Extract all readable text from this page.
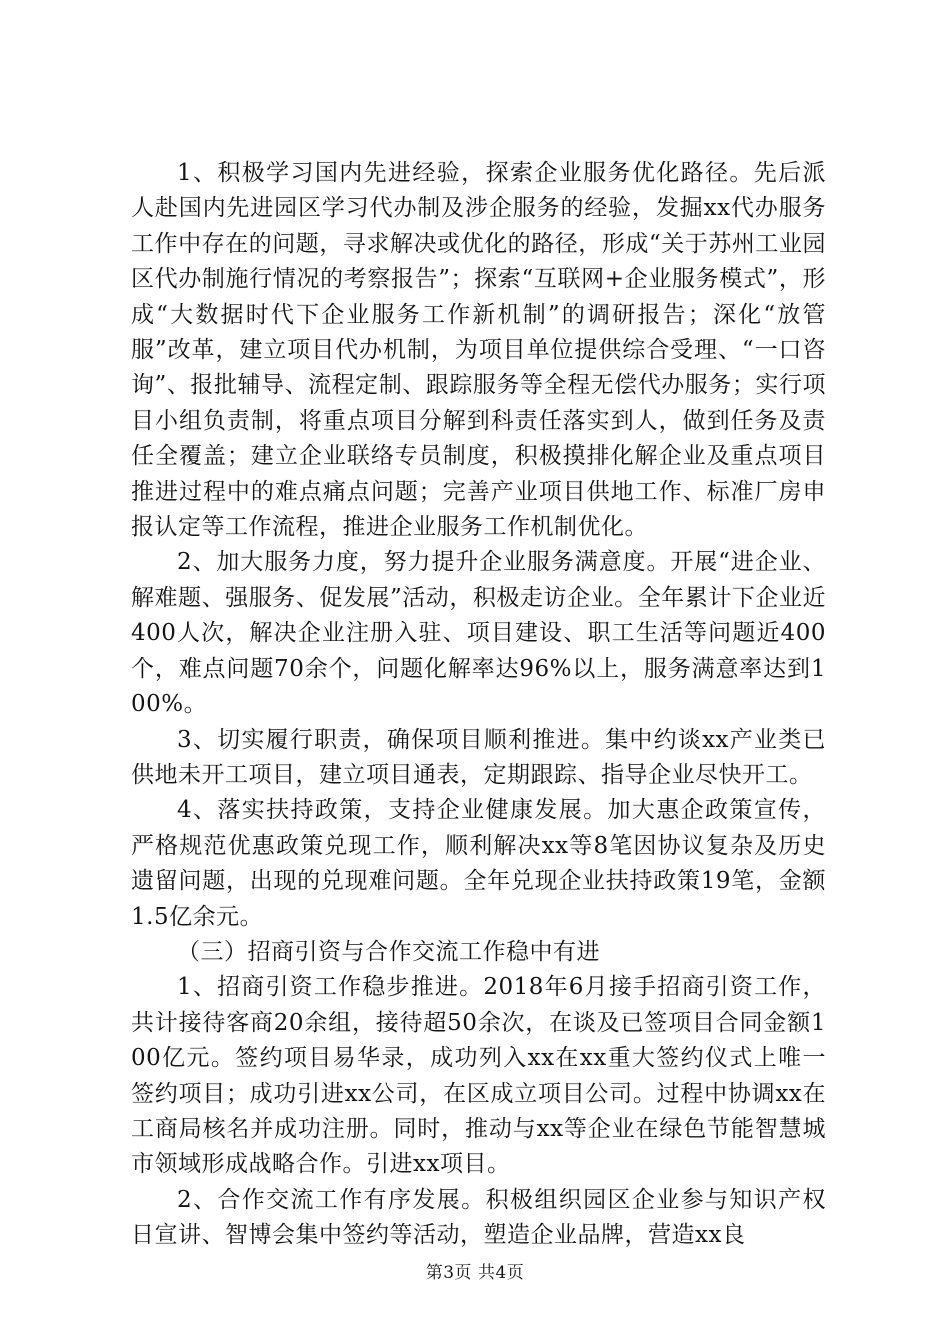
1、积极学习国内先进经验，探索企业服务优化路径。先后派人赴国内先进园区学习代办制及涉企服务的经验，发掘xx代办服务工作中存在的问题，寻求解决或优化的路径，形成“关于苏州工业园区代办制施行情况的考察报告”；探索“互联网+企业服务模式”，形成“大数据时代下企业服务工作新机制”的调研报告；深化“放管服”改革，建立项目代办机制，为项目单位提供综合受理、“一口咨询”、报批辅导、流程定制、跟踪服务等全程无偿代办服务；实行项目小组负责制，将重点项目分解到科责任落实到人，做到任务及责任全覆盖；建立企业联络专员制度，积极摸排化解企业及重点项目推进过程中的难点痛点问题；完善产业项目供地工作、标准厂房申报认定等工作流程，推进企业服务工作机制优化。

2、加大服务力度，努力提升企业服务满意度。开展“进企业、解难题、强服务、促发展”活动，积极走访企业。全年累计下企业近400人次，解决企业注册入驻、项目建设、职工生活等问题近400个，难点问题70余个，问题化解率达96%以上，服务满意率达到100%。

3、切实履行职责，确保项目顺利推进。集中约谈xx产业类已供地未开工项目，建立项目通表，定期跟踪、指导企业尽快开工。

4、落实扶持政策，支持企业健康发展。加大惠企政策宣传，严格规范优惠政策兑现工作，顺利解决xx等8笔因协议复杂及历史遗留问题，出现的兑现难问题。全年兑现企业扶持政策19笔，金额1.5亿余元。

（三）招商引资与合作交流工作稳中有进

1、招商引资工作稳步推进。2018年6月接手招商引资工作，共计接待客商20余组，接待超50余次，在谈及已签项目合同金额100亿元。签约项目易华录，成功列入xx在xx重大签约仪式上唯一签约项目；成功引进xx公司，在区成立项目公司。过程中协调xx在工商局核名并成功注册。同时，推动与xx等企业在绿色节能智慧城市领域形成战略合作。引进xx项目。

2、合作交流工作有序发展。积极组织园区企业参与知识产权日宣讲、智博会集中签约等活动，塑造企业品牌，营造xx良

第3页 共4页
